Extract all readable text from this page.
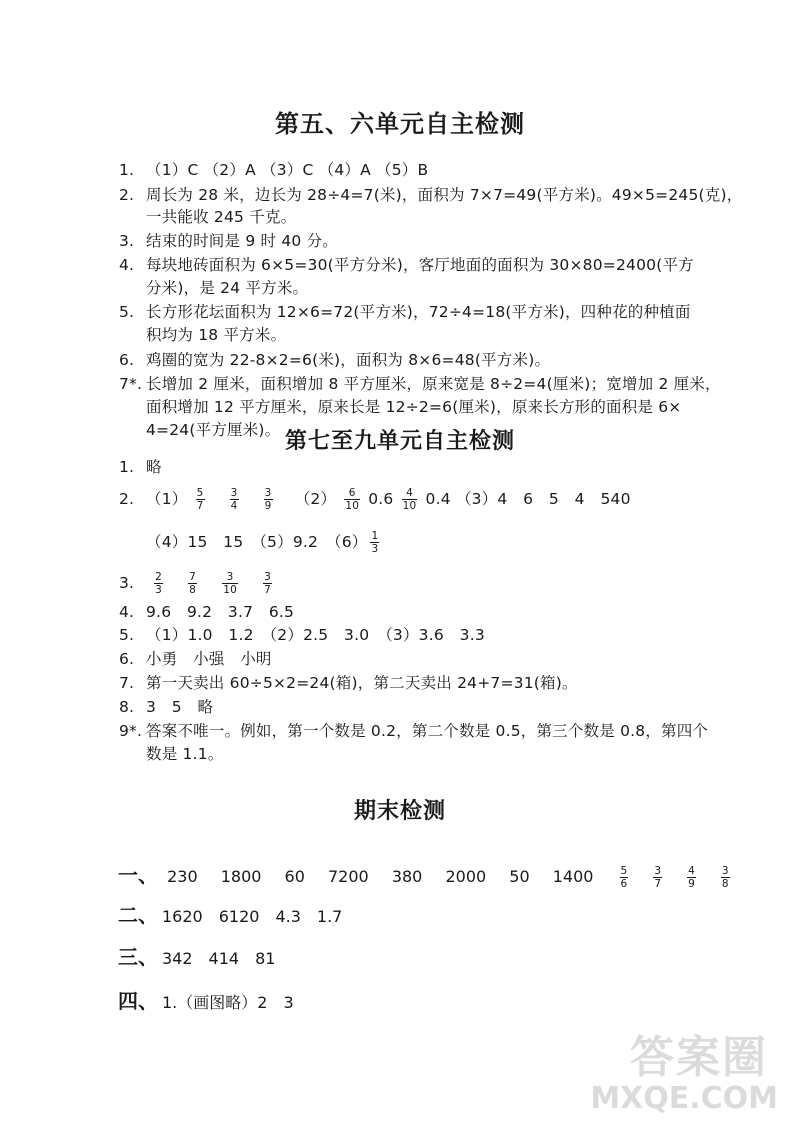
第五、六单元自主检测
1. （1）C （2）A （3）C （4）A （5）B
2. 周长为 28 米，边长为 28÷4=7(米)，面积为 7×7=49(平方米)。49×5=245(克)，
一共能收 245 千克。
3. 结束的时间是 9 时 40 分。
4. 每块地砖面积为 6×5=30(平方分米)，客厅地面的面积为 30×80=2400(平方
分米)，是 24 平方米。
5. 长方形花坛面积为 12×6=72(平方米)，72÷4=18(平方米)，四种花的种植面
积均为 18 平方米。
6. 鸡圈的宽为 22-8×2=6(米)，面积为 8×6=48(平方米)。
7*. 长增加 2 厘米，面积增加 8 平方厘米，原来宽是 8÷2=4(厘米)；宽增加 2 厘米，
面积增加 12 平方厘米，原来长是 12÷2=6(厘米)，原来长方形的面积是 6×
4=24(平方厘米)。 第七至九单元自主检测
1. 略
2. $(1) \frac{5}{7}$
$\frac{3}{4}$
$\frac{3}{9} (2) \frac{6}{10} 0.6 \frac{4}{10} 0.4$ （3）4　6　5　4　540
（4）15　15　（5）9.2　$(6) \frac{1}{3}$
3. $\frac{2}{3}$
$\frac{7}{8}$
$\frac{3}{10}$
$\frac{3}{7}$
4. 9.6　9.2　3.7　6.5
5. （1）1.0　1.2　（2）2.5　3.0　（3）3.6　3.3
6. 小勇　小强　小明
7. 第一天卖出 60÷5×2=24(箱)，第二天卖出 24+7=31(箱)。
8. 3　5　略
9*. 答案不唯一。例如，第一个数是 0.2，第二个数是 0.5，第三个数是 0.8，第四个
数是 1.1。
期末检测
一、 230 1800 60 7200 380 2000 50 $1400 \frac{5}{6}$
$\frac{3}{7}$
$\frac{4}{9}$
$\frac{3}{8}$
二、 1620　6120　4.3　1.7
三、 342　414　81
四、 1.（画图略）2　3
答案圈
MXQE.COM
